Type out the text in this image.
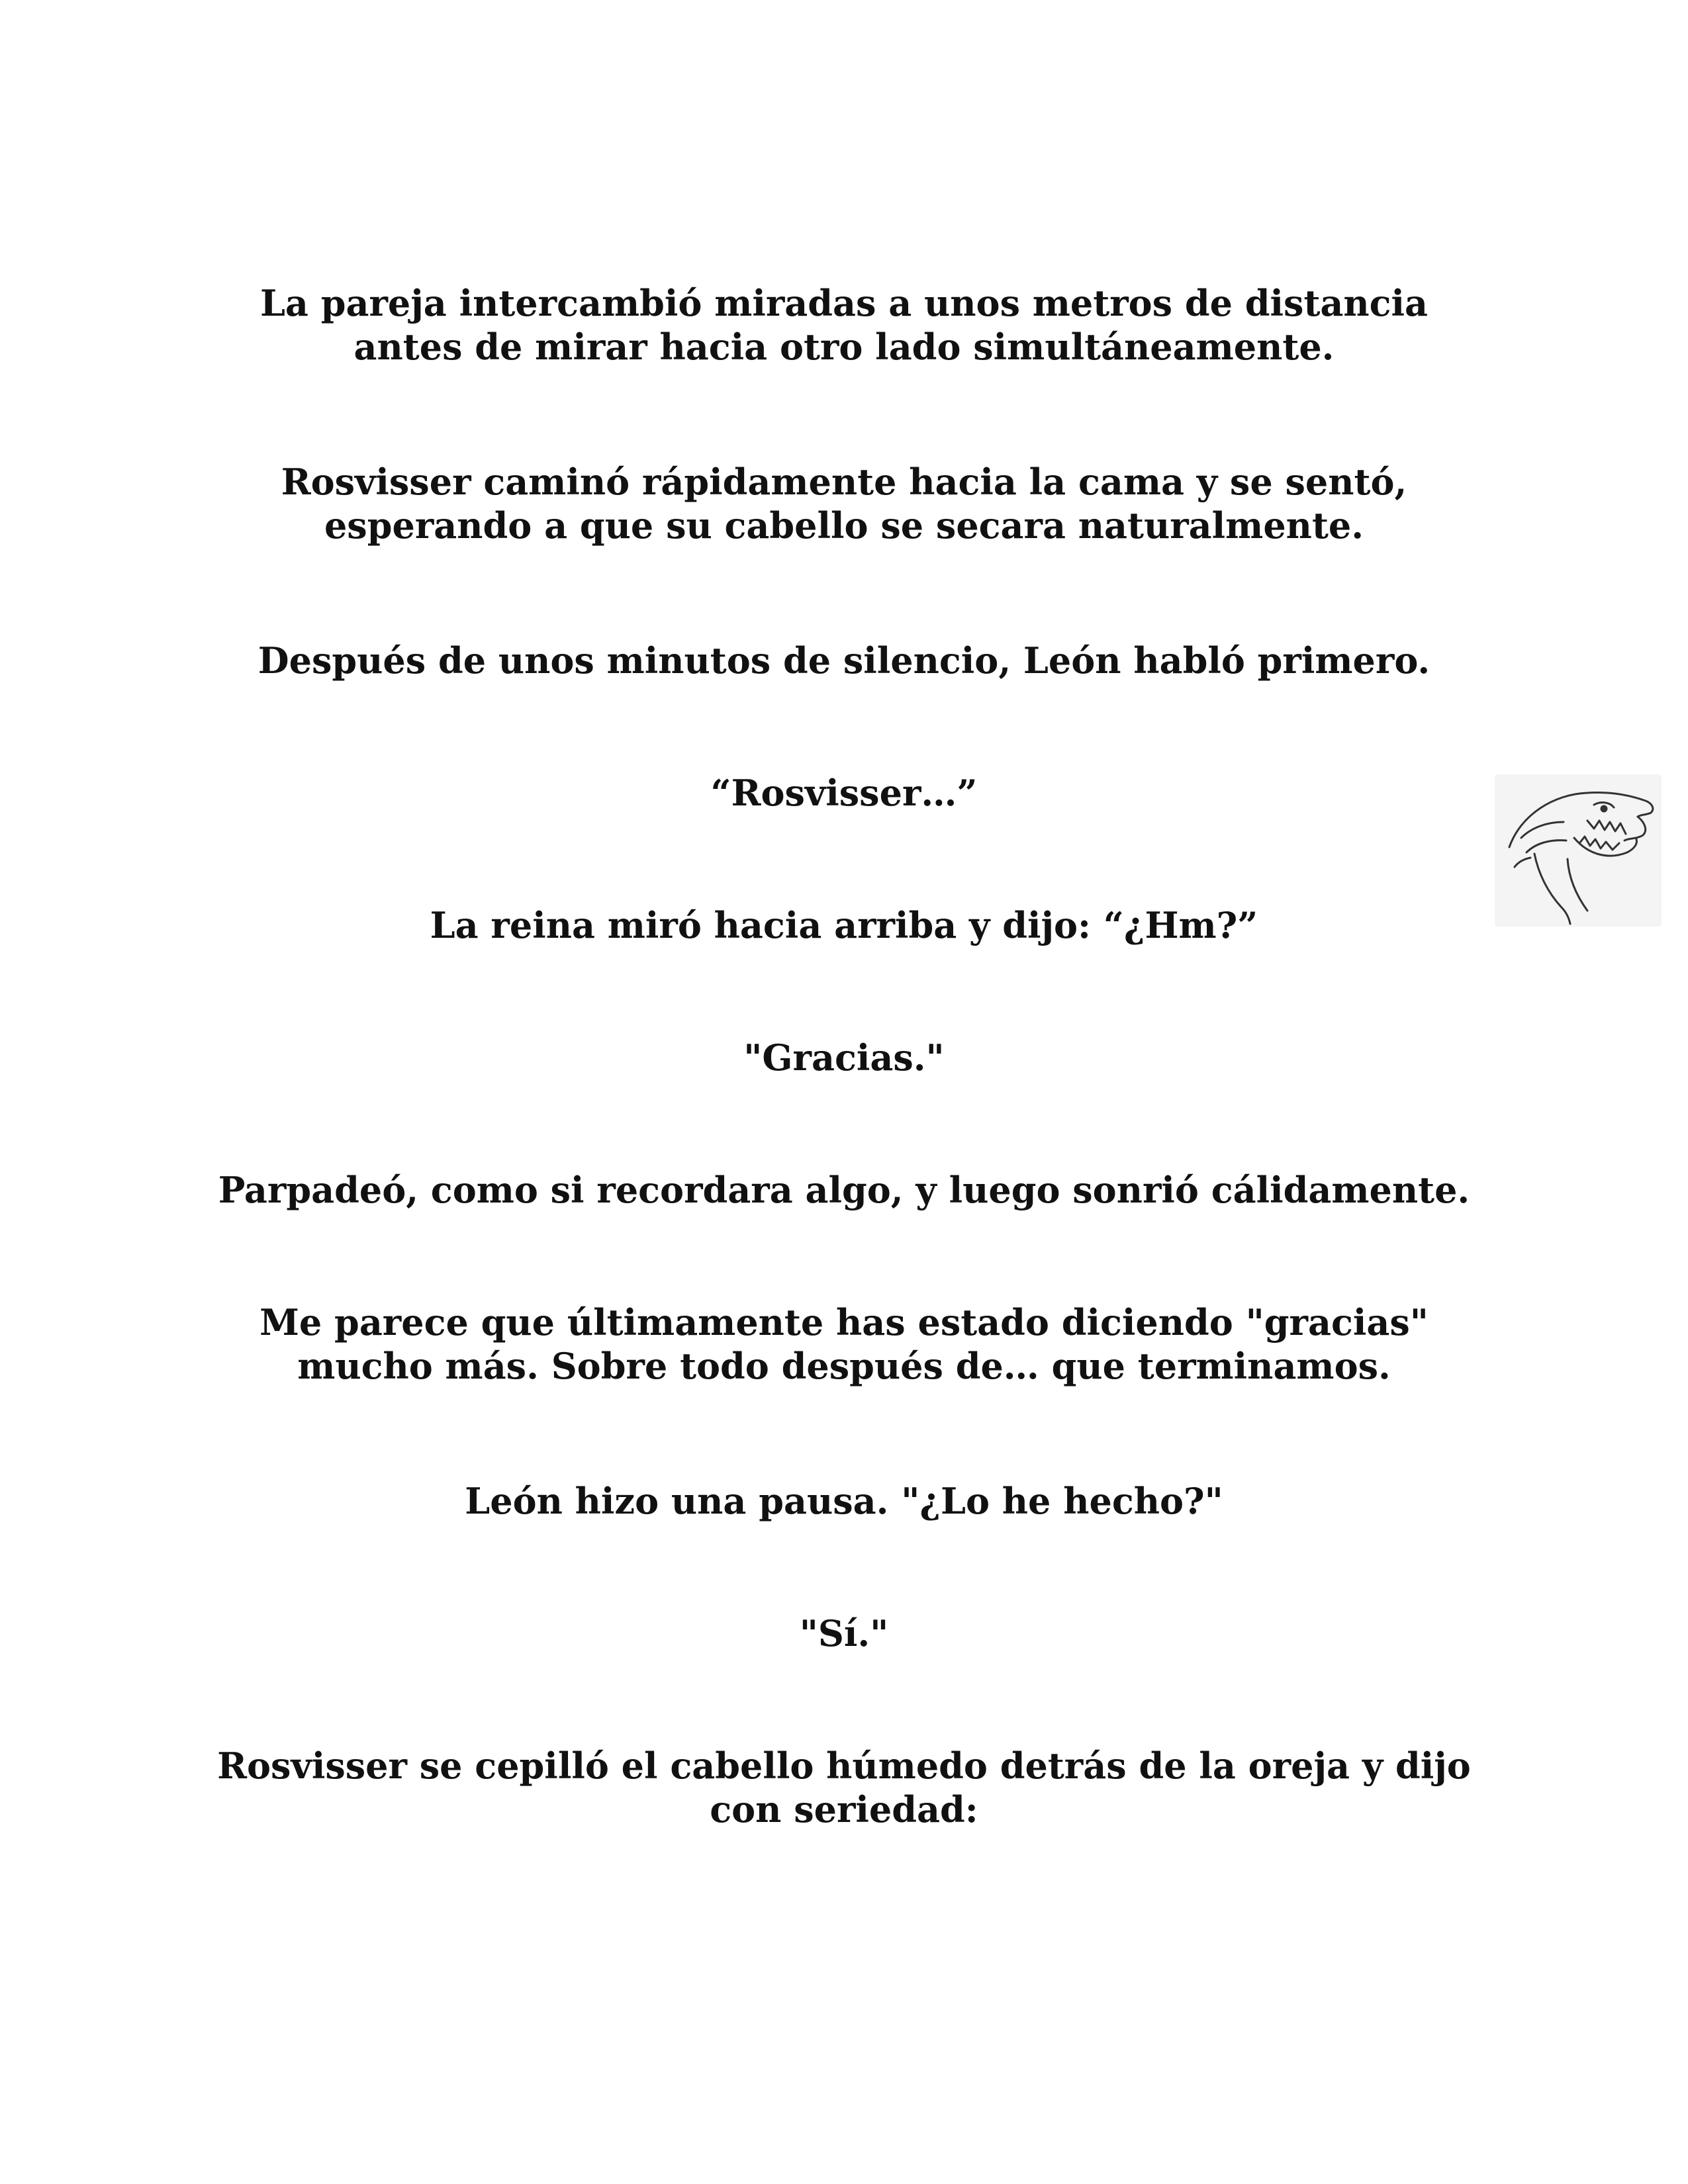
La pareja intercambió miradas a unos metros de distancia
antes de mirar hacia otro lado simultáneamente.

Rosvisser caminó rápidamente hacia la cama y se sentó,
esperando a que su cabello se secara naturalmente.

Después de unos minutos de silencio, León habló primero.

“Rosvisser…”

La reina miró hacia arriba y dijo: “¿Hm?”

"Gracias."

Parpadeó, como si recordara algo, y luego sonrió cálidamente.

Me parece que últimamente has estado diciendo "gracias"
mucho más. Sobre todo después de… que terminamos.

León hizo una pausa. "¿Lo he hecho?"

"Sí."

Rosvisser se cepilló el cabello húmedo detrás de la oreja y dijo
con seriedad:
